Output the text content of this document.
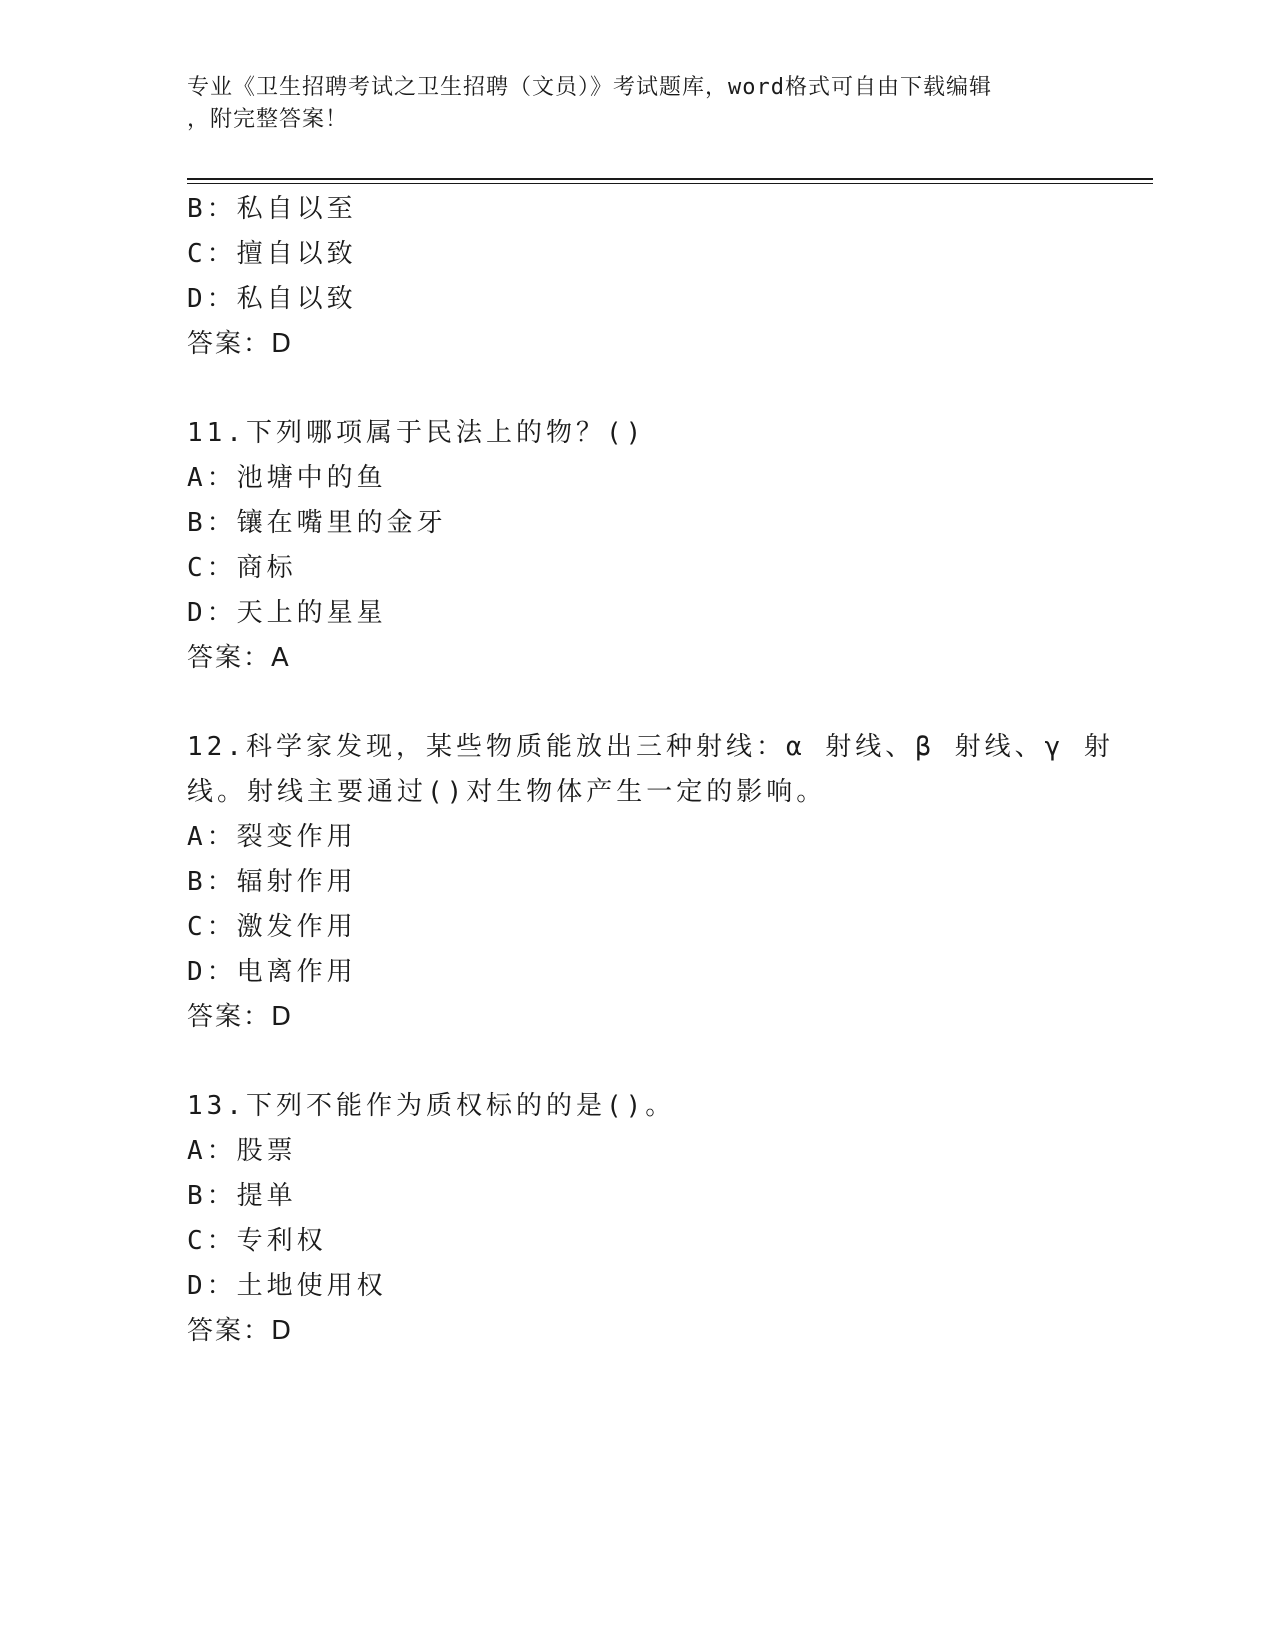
专业《卫生招聘考试之卫生招聘（文员）》考试题库，word格式可自由下载编辑
，附完整答案！
B：私自以至
C：擅自以致
D：私自以致
答案：D
11.下列哪项属于民法上的物？()
A：池塘中的鱼
B：镶在嘴里的金牙
C：商标
D：天上的星星
答案：A
12.科学家发现，某些物质能放出三种射线：α 射线、β 射线、γ 射
线。射线主要通过()对生物体产生一定的影响。
A：裂变作用
B：辐射作用
C：激发作用
D：电离作用
答案：D
13.下列不能作为质权标的的是()。
A：股票
B：提单
C：专利权
D：土地使用权
答案：D
